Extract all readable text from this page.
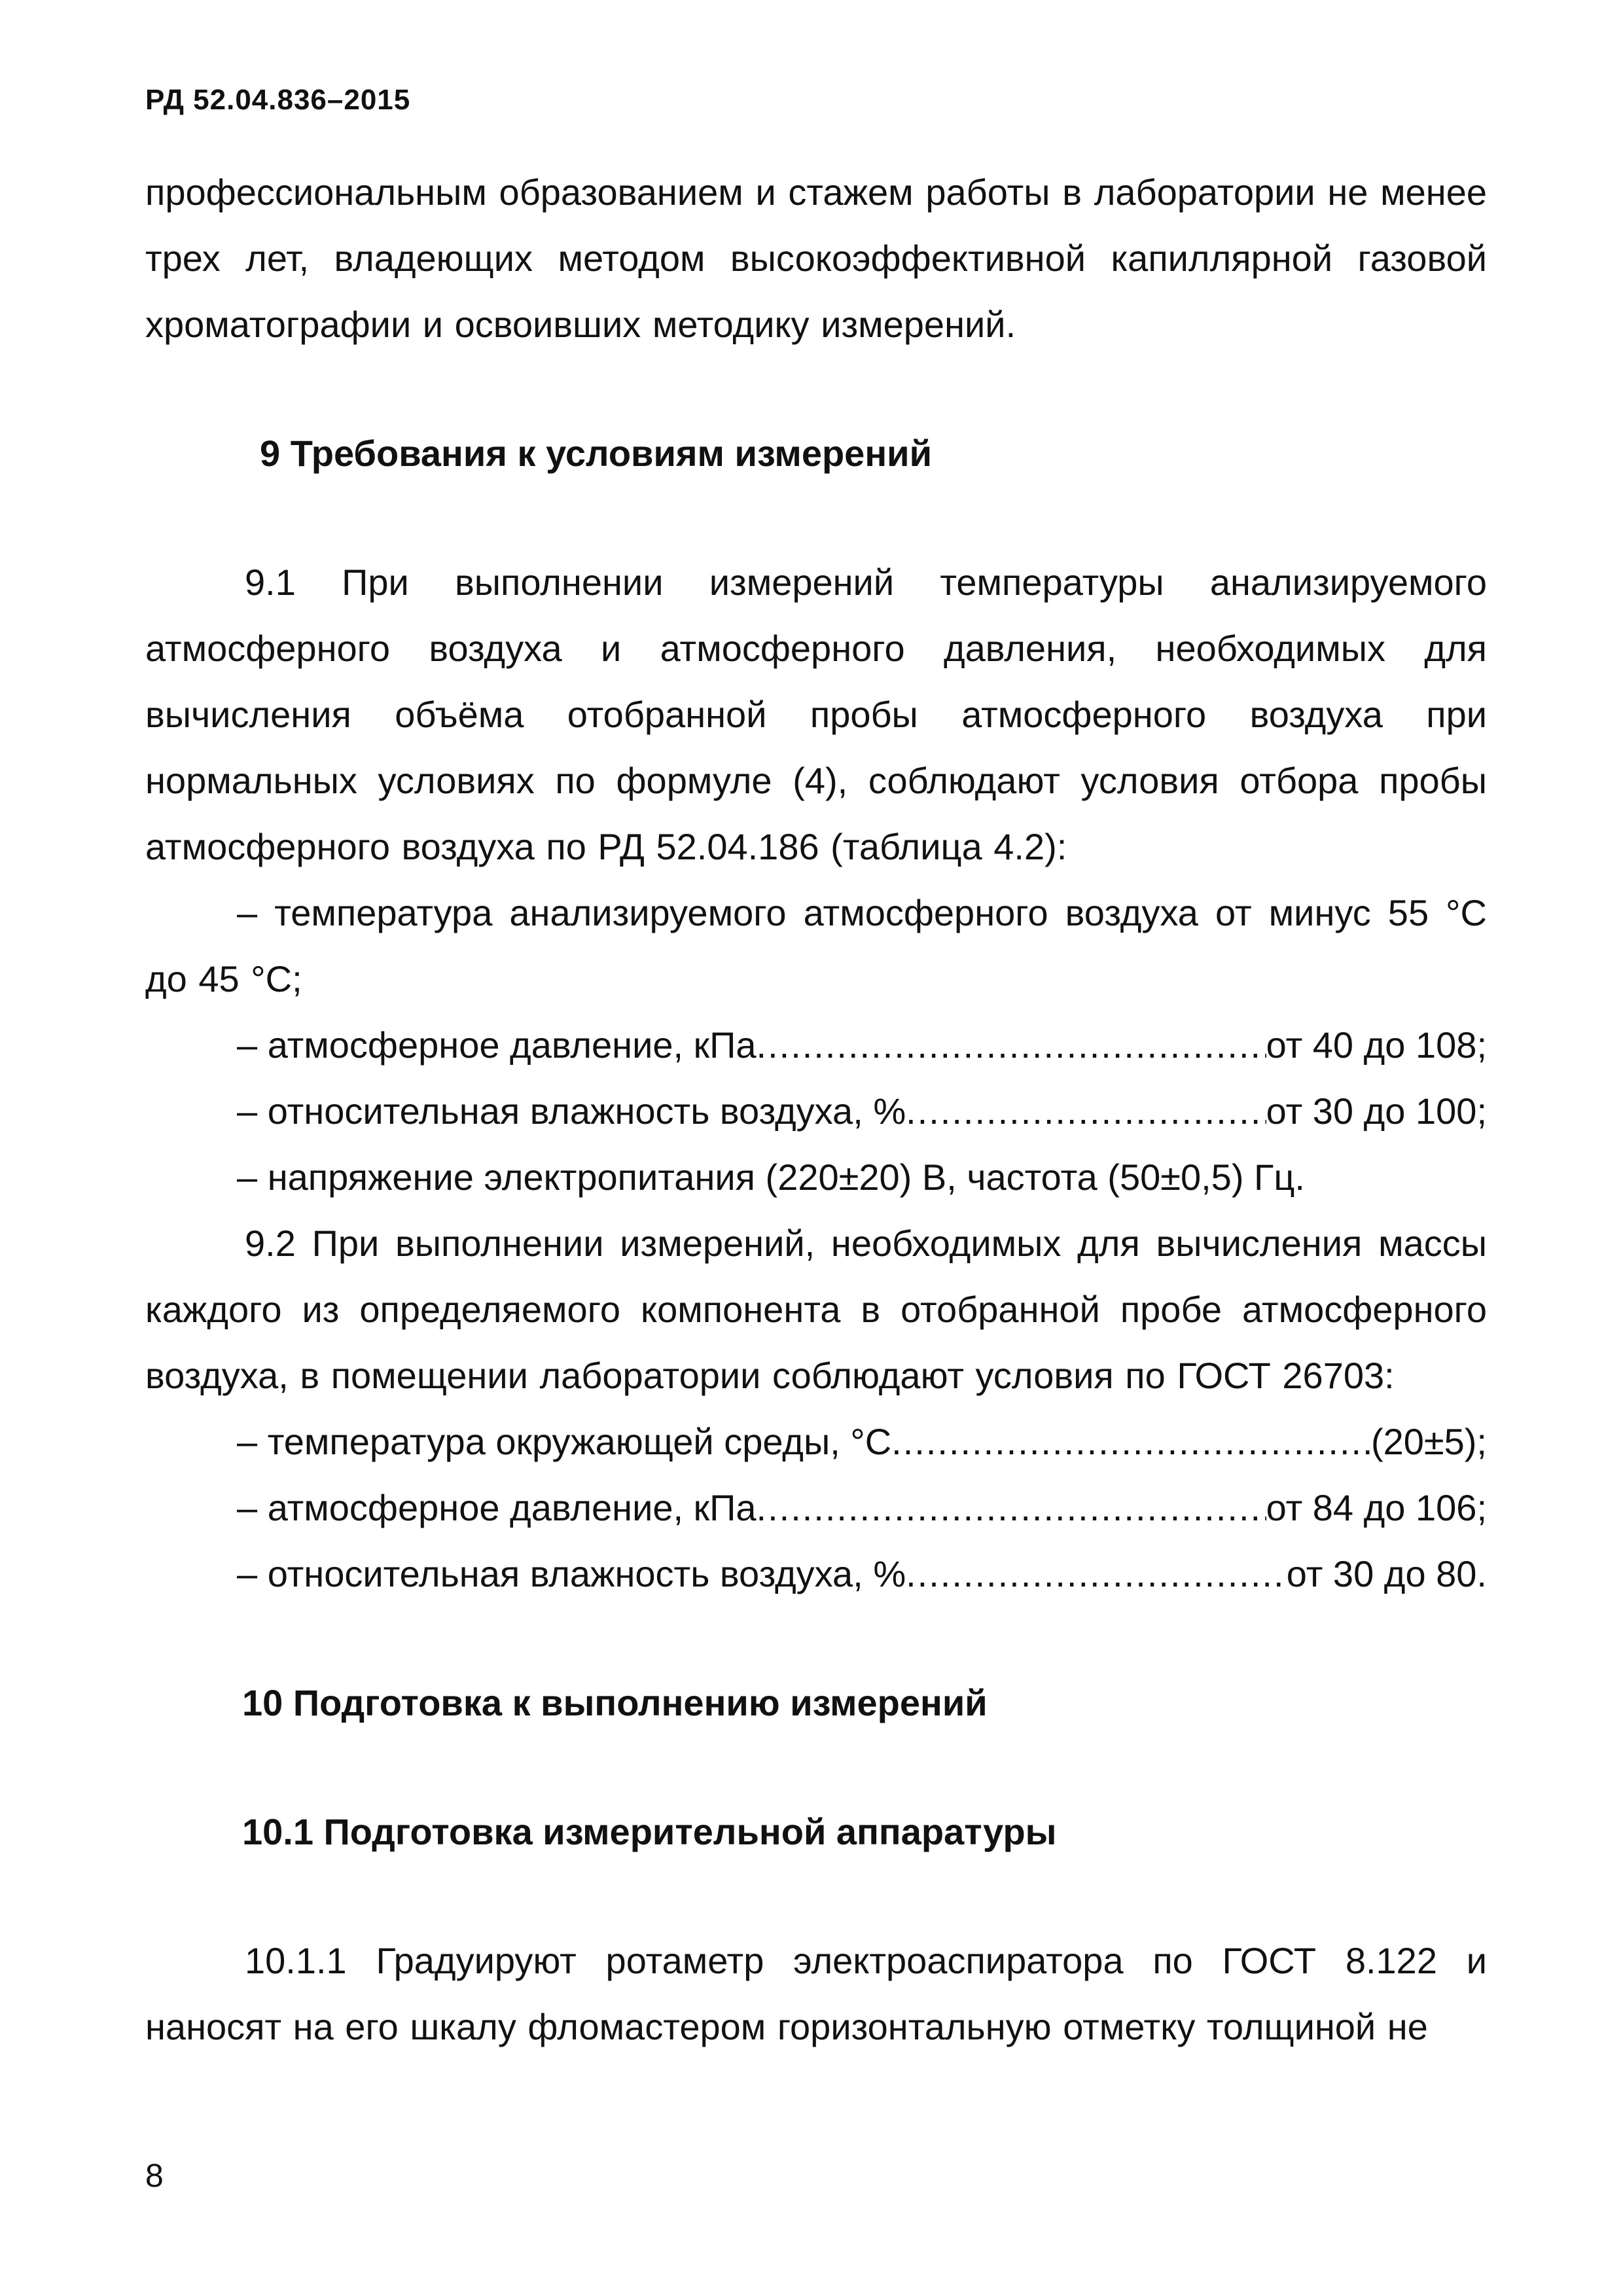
РД 52.04.836–2015

профессиональным образованием и стажем работы в лаборатории не менее трех лет, владеющих методом высокоэффективной капиллярной газовой хроматографии и освоивших методику измерений.

9 Требования к условиям измерений

9.1 При выполнении измерений температуры анализируемого атмосферного воздуха и атмосферного давления, необходимых для вычисления объёма отобранной пробы атмосферного воздуха при нормальных условиях по формуле (4), соблюдают условия отбора пробы атмосферного воздуха по РД 52.04.186 (таблица 4.2):

– температура анализируемого атмосферного воздуха от минус 55 °С до 45 °С;

– атмосферное давление, кПа .....	от 40 до 108;
– относительная влажность воздуха, % .....	от 30 до 100;

– напряжение электропитания (220±20) В, частота (50±0,5) Гц.

9.2 При выполнении измерений, необходимых для вычисления массы каждого из определяемого компонента в отобранной пробе атмосферного воздуха, в помещении лаборатории соблюдают условия по ГОСТ 26703:

– температура окружающей среды, °С .....	(20±5);
– атмосферное давление, кПа .....	от 84 до 106;
– относительная влажность воздуха, % .....	от 30 до 80.

10 Подготовка к выполнению измерений

10.1 Подготовка измерительной аппаратуры

10.1.1 Градуируют ротаметр электроаспиратора по ГОСТ 8.122 и наносят на его шкалу фломастером горизонтальную отметку толщиной не

8
